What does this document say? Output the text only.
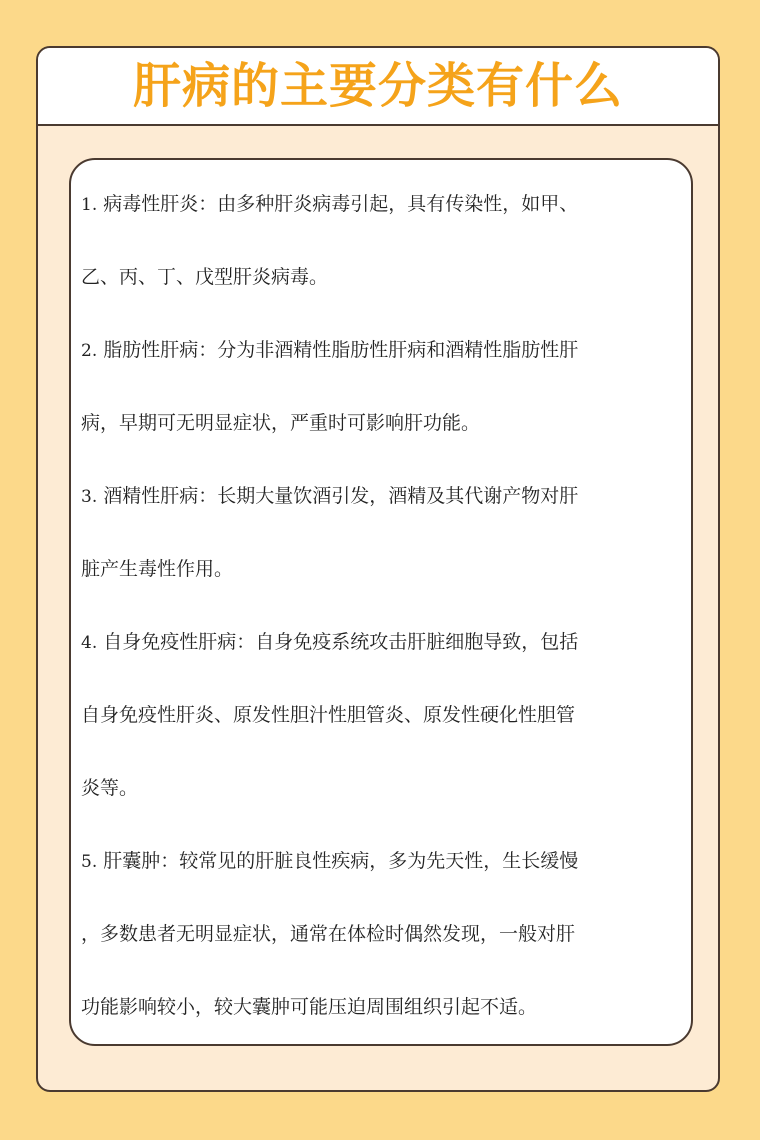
肝病的主要分类有什么
1. 病毒性肝炎：由多种肝炎病毒引起，具有传染性，如甲、
乙、丙、丁、戊型肝炎病毒。
2. 脂肪性肝病：分为非酒精性脂肪性肝病和酒精性脂肪性肝
病，早期可无明显症状，严重时可影响肝功能。
3. 酒精性肝病：长期大量饮酒引发，酒精及其代谢产物对肝
脏产生毒性作用。
4. 自身免疫性肝病：自身免疫系统攻击肝脏细胞导致，包括
自身免疫性肝炎、原发性胆汁性胆管炎、原发性硬化性胆管
炎等。
5. 肝囊肿：较常见的肝脏良性疾病，多为先天性，生长缓慢
，多数患者无明显症状，通常在体检时偶然发现，一般对肝
功能影响较小，较大囊肿可能压迫周围组织引起不适。
